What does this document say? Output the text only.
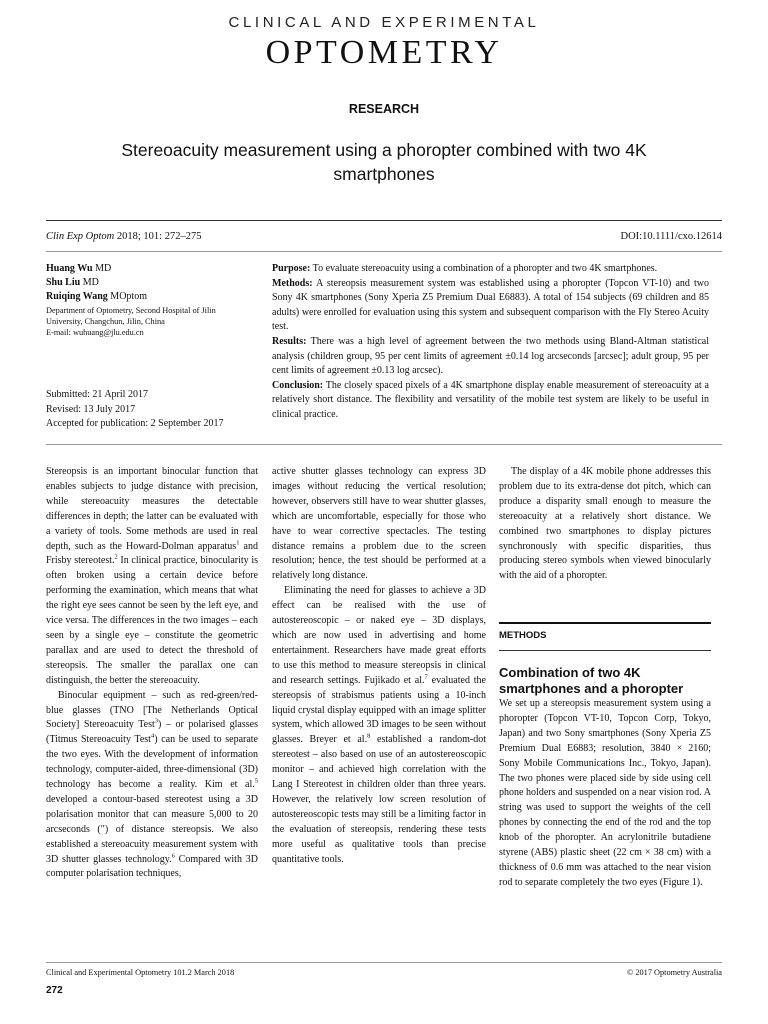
CLINICAL AND EXPERIMENTAL
OPTOMETRY
RESEARCH
Stereoacuity measurement using a phoropter combined with two 4K
smartphones
Clin Exp Optom 2018; 101: 272–275	DOI:10.1111/cxo.12614
Huang Wu MD
Shu Liu MD
Ruiqing Wang MOptom
Department of Optometry, Second Hospital of Jilin
University, Changchun, Jilin, China
E-mail: wuhuang@jlu.edu.cn
Submitted: 21 April 2017
Revised: 13 July 2017
Accepted for publication: 2 September 2017

Purpose: To evaluate stereoacuity using a combination of a phoropter and two 4K smartphones.

Methods: A stereopsis measurement system was established using a phoropter (Topcon VT-10) and two Sony 4K smartphones (Sony Xperia Z5 Premium Dual E6883). A total of 154 subjects (69 children and 85 adults) were enrolled for evaluation using this system and subsequent comparison with the Fly Stereo Acuity test.

Results: There was a high level of agreement between the two methods using Bland-Altman statistical analysis (children group, 95 per cent limits of agreement ±0.14 log arcseconds [arcsec]; adult group, 95 per cent limits of agreement ±0.13 log arcsec).

Conclusion: The closely spaced pixels of a 4K smartphone display enable measurement of stereoacuity at a relatively short distance. The flexibility and versatility of the mobile test system are likely to be useful in clinical practice.

Stereopsis is an important binocular function that enables subjects to judge distance with precision, while stereoacuity measures the detectable differences in depth; the latter can be evaluated with a variety of tools. Some methods are used in real depth, such as the Howard-Dolman apparatus$^1$ and Frisby stereotest.$^2$ In clinical practice, binocularity is often broken using a certain device before performing the examination, which means that what the right eye sees cannot be seen by the left eye, and vice versa. The differences in the two images – each seen by a single eye – constitute the geometric parallax and are used to detect the threshold of stereopsis. The smaller the parallax one can distinguish, the better the stereoacuity.

Binocular equipment – such as red-green/red-blue glasses (TNO [The Netherlands Optical Society] Stereoacuity Test$^3$) – or polarised glasses (Titmus Stereoacuity Test$^4$) can be used to separate the two eyes. With the development of information technology, computer-aided, three-dimensional (3D) technology has become a reality. Kim et al.$^5$ developed a contour-based stereotest using a 3D polarisation monitor that can measure 5,000 to 20 arcseconds (″) of distance stereopsis. We also established a stereoacuity measurement system with 3D shutter glasses technology.$^6$ Compared with 3D computer polarisation techniques,

active shutter glasses technology can express 3D images without reducing the vertical resolution; however, observers still have to wear shutter glasses, which are uncomfortable, especially for those who have to wear corrective spectacles. The testing distance remains a problem due to the screen resolution; hence, the test should be performed at a relatively long distance.

Eliminating the need for glasses to achieve a 3D effect can be realised with the use of autostereoscopic – or naked eye – 3D displays, which are now used in advertising and home entertainment. Researchers have made great efforts to use this method to measure stereopsis in clinical and research settings. Fujikado et al.$^7$ evaluated the stereopsis of strabismus patients using a 10-inch liquid crystal display equipped with an image splitter system, which allowed 3D images to be seen without glasses. Breyer et al.$^8$ established a random-dot stereotest – also based on use of an autostereoscopic monitor – and achieved high correlation with the Lang I Stereotest in children older than three years. However, the relatively low screen resolution of autostereoscopic tests may still be a limiting factor in the evaluation of stereopsis, rendering these tests more useful as qualitative tools than precise quantitative tools.

The display of a 4K mobile phone addresses this problem due to its extra-dense dot pitch, which can produce a disparity small enough to measure the stereoacuity at a relatively short distance. We combined two smartphones to display pictures synchronously with specific disparities, thus producing stereo symbols when viewed binocularly with the aid of a phoropter.

METHODS
Combination of two 4K
smartphones and a phoropter

We set up a stereopsis measurement system using a phoropter (Topcon VT-10, Topcon Corp, Tokyo, Japan) and two Sony smartphones (Sony Xperia Z5 Premium Dual E6883; resolution, 3840 × 2160; Sony Mobile Communications Inc., Tokyo, Japan). The two phones were placed side by side using cell phone holders and suspended on a near vision rod. A string was used to support the weights of the cell phones by connecting the end of the rod and the top knob of the phoropter. An acrylonitrile butadiene styrene (ABS) plastic sheet (22 cm × 38 cm) with a thickness of 0.6 mm was attached to the near vision rod to separate completely the two eyes (Figure 1).

Clinical and Experimental Optometry 101.2 March 2018	© 2017 Optometry Australia
272
